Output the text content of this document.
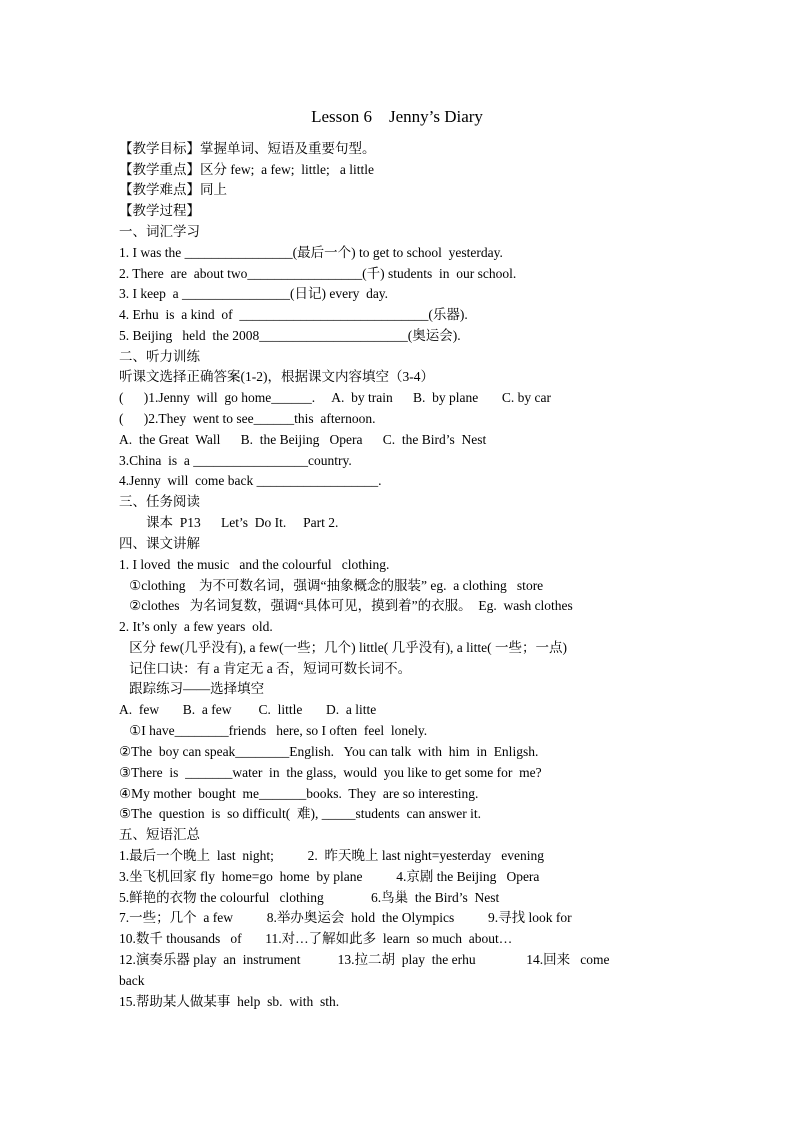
Lesson 6    Jenny’s Diary
【教学目标】掌握单词、短语及重要句型。
【教学重点】区分 few;  a few;  little;   a little
【教学难点】同上
【教学过程】
一、词汇学习
1. I was the ________________(最后一个) to get to school  yesterday.
2. There  are  about two_________________(千) students  in  our school.
3. I keep  a ________________(日记) every  day.
4. Erhu  is  a kind  of  ____________________________(乐器).
5. Beijing   held  the 2008______________________(奥运会).
二、听力训练
听课文选择正确答案(1-2)，根据课文内容填空（3-4）
(      )1.Jenny  will  go home______.     A.  by train      B.  by plane       C. by car
(      )2.They  went to see______this  afternoon.
A.  the Great  Wall      B.  the Beijing   Opera      C.  the Bird’s  Nest
3.China  is  a _________________country.
4.Jenny  will  come back __________________.
三、任务阅读
课本  P13      Let’s  Do It.     Part 2.
四、课文讲解
1. I loved  the music   and the colourful   clothing.
①clothing    为不可数名词，强调“抽象概念的服装” eg.  a clothing   store
②clothes   为名词复数，强调“具体可见，摸到着”的衣服。  Eg.  wash clothes
2. It’s only  a few years  old.
区分 few(几乎没有), a few(一些；几个) little( 几乎没有), a litte( 一些；一点)
记住口诀：有 a 肯定无 a 否，短词可数长词不。
跟踪练习——选择填空
A.  few       B.  a few        C.  little       D.  a litte
①I have________friends   here, so I often  feel  lonely.
②The  boy can speak________English.   You can talk  with  him  in  Enligsh.
③There  is  _______water  in  the glass,  would  you like to get some for  me?
④My mother  bought  me_______books.  They  are so interesting.
⑤The  question  is  so difficult(  难), _____students  can answer it.
五、短语汇总
1.最后一个晚上  last  night;          2.  昨天晚上 last night=yesterday   evening
3.坐飞机回家 fly  home=go  home  by plane          4.京剧 the Beijing   Opera
5.鲜艳的衣物 the colourful   clothing              6.鸟巢  the Bird’s  Nest
7.一些；几个  a few          8.举办奥运会  hold  the Olympics          9.寻找 look for
10.数千 thousands   of       11.对…了解如此多  learn  so much  about…
12.演奏乐器 play  an  instrument           13.拉二胡  play  the erhu               14.回来   come
back
15.帮助某人做某事  help  sb.  with  sth.
